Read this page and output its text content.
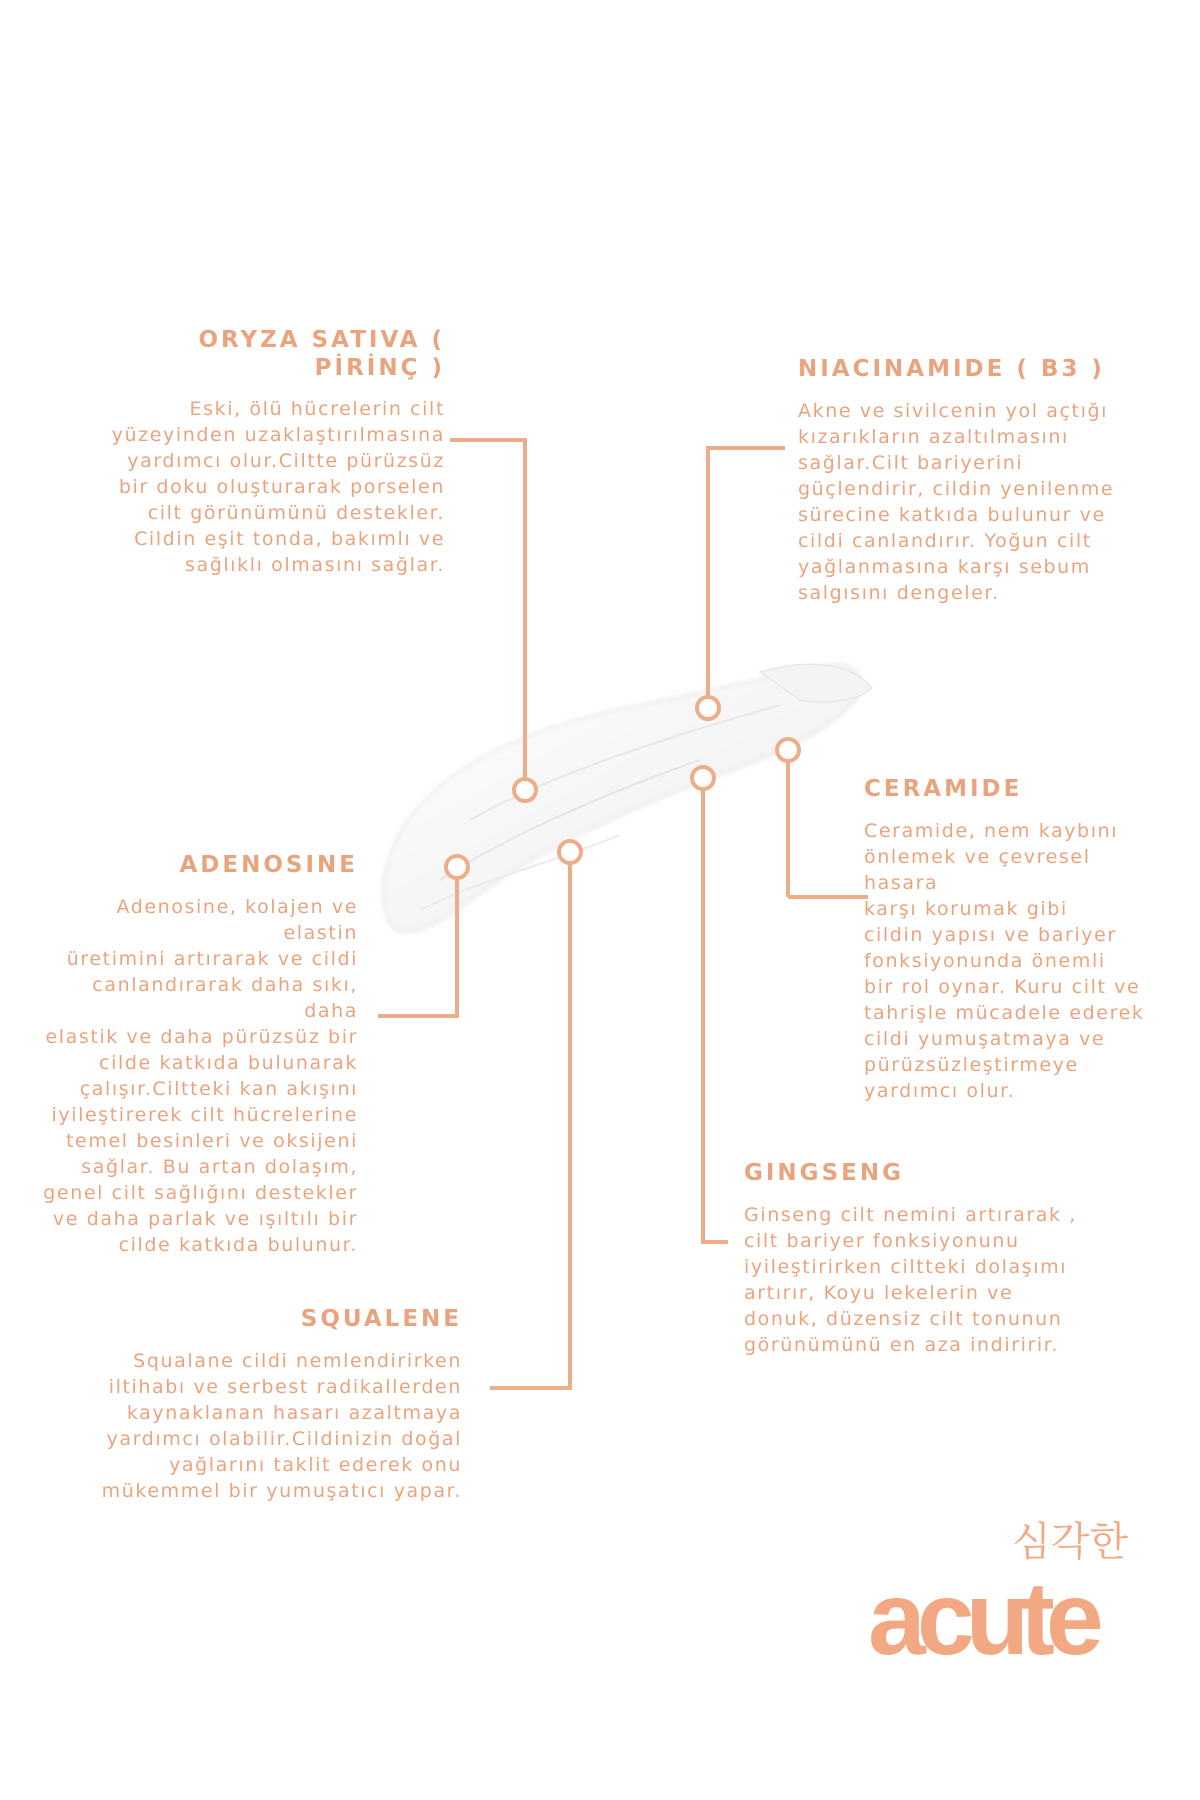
ORYZA SATIVA ( PİRİNÇ )

Eski, ölü hücrelerin cilt
yüzeyinden uzaklaştırılmasına
yardımcı olur.Ciltte pürüzsüz
bir doku oluşturarak porselen
cilt görünümünü destekler.
Cildin eşit tonda, bakımlı ve
sağlıklı olmasını sağlar.

NIACINAMIDE ( B3 )

Akne ve sivilcenin yol açtığı
kızarıkların azaltılmasını
sağlar.Cilt bariyerini
güçlendirir, cildin yenilenme
sürecine katkıda bulunur ve
cildi canlandırır. Yoğun cilt
yağlanmasına karşı sebum
salgısını dengeler.

CERAMIDE

Ceramide, nem kaybını
önlemek ve çevresel hasara
karşı korumak gibi
cildin yapısı ve bariyer
fonksiyonunda önemli
bir rol oynar. Kuru cilt ve
tahrişle mücadele ederek
cildi yumuşatmaya ve
pürüzsüzleştirmeye
yardımcı olur.

ADENOSINE

Adenosine, kolajen ve elastin
üretimini artırarak ve cildi
canlandırarak daha sıkı, daha
elastik ve daha pürüzsüz bir
cilde katkıda bulunarak
çalışır.Ciltteki kan akışını
iyileştirerek cilt hücrelerine
temel besinleri ve oksijeni
sağlar. Bu artan dolaşım,
genel cilt sağlığını destekler
ve daha parlak ve ışıltılı bir
cilde katkıda bulunur.

GINGSENG

Ginseng cilt nemini artırarak ,
cilt bariyer fonksiyonunu
iyileştirirken ciltteki dolaşımı
artırır, Koyu lekelerin ve
donuk, düzensiz cilt tonunun
görünümünü en aza indiririr.

SQUALENE

Squalane cildi nemlendirirken
iltihabı ve serbest radikallerden
kaynaklanan hasarı azaltmaya
yardımcı olabilir.Cildinizin doğal
yağlarını taklit ederek onu
mükemmel bir yumuşatıcı yapar.

심각한
acute
